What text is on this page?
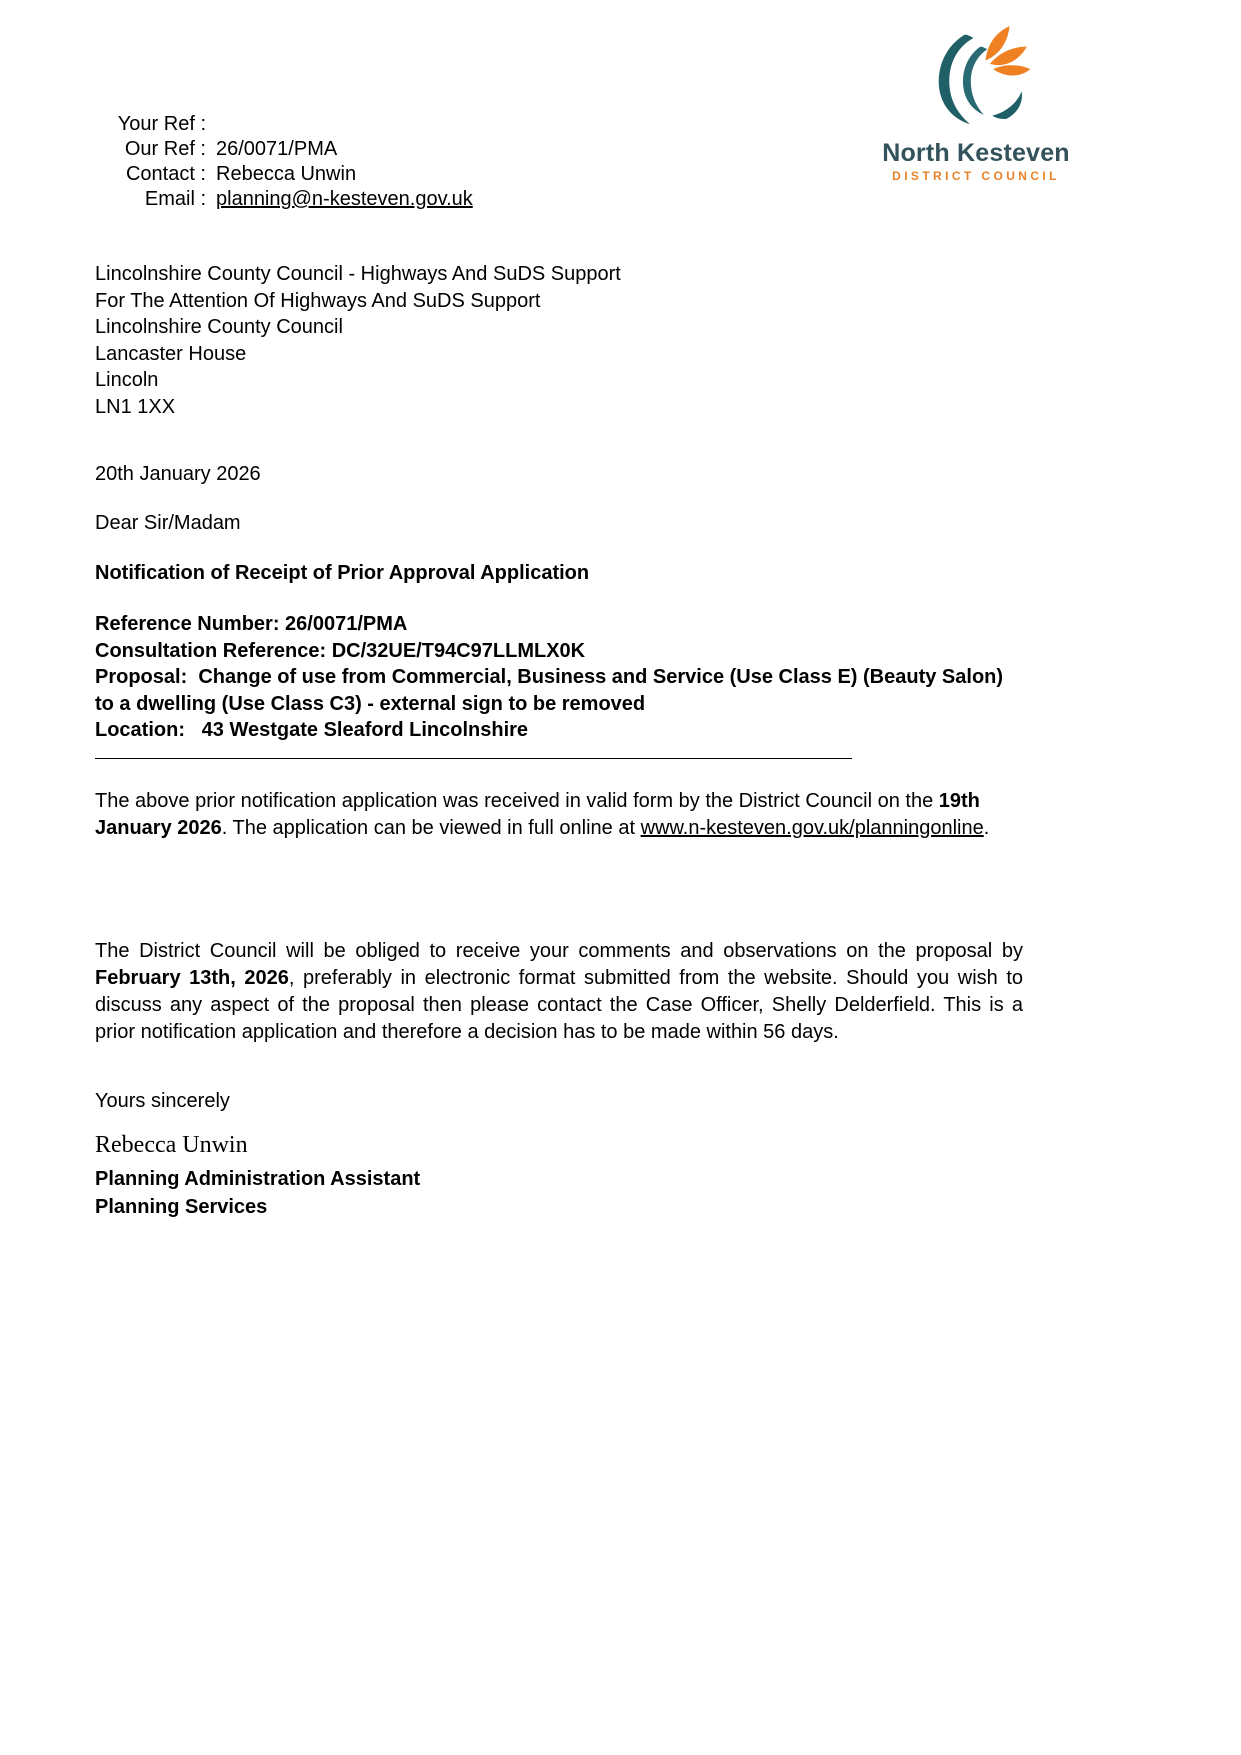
North Kesteven
DISTRICT COUNCIL
Your Ref :
Our Ref : 26/0071/PMA
Contact : Rebecca Unwin
Email : planning@n-kesteven.gov.uk
Lincolnshire County Council - Highways And SuDS Support
For The Attention Of Highways And SuDS Support
Lincolnshire County Council
Lancaster House
Lincoln
LN1 1XX
20th January 2026
Dear Sir/Madam
Notification of Receipt of Prior Approval Application
Reference Number: 26/0071/PMA
Consultation Reference: DC/32UE/T94C97LLMLX0K
Proposal:  Change of use from Commercial, Business and Service (Use Class E) (Beauty Salon) to a dwelling (Use Class C3) - external sign to be removed
Location:   43 Westgate Sleaford Lincolnshire
The above prior notification application was received in valid form by the District Council on the 19th January 2026. The application can be viewed in full online at www.n-kesteven.gov.uk/planningonline.
The District Council will be obliged to receive your comments and observations on the proposal by February 13th, 2026, preferably in electronic format submitted from the website. Should you wish to discuss any aspect of the proposal then please contact the Case Officer, Shelly Delderfield. This is a prior notification application and therefore a decision has to be made within 56 days.
Yours sincerely
Rebecca Unwin
Planning Administration Assistant
Planning Services
